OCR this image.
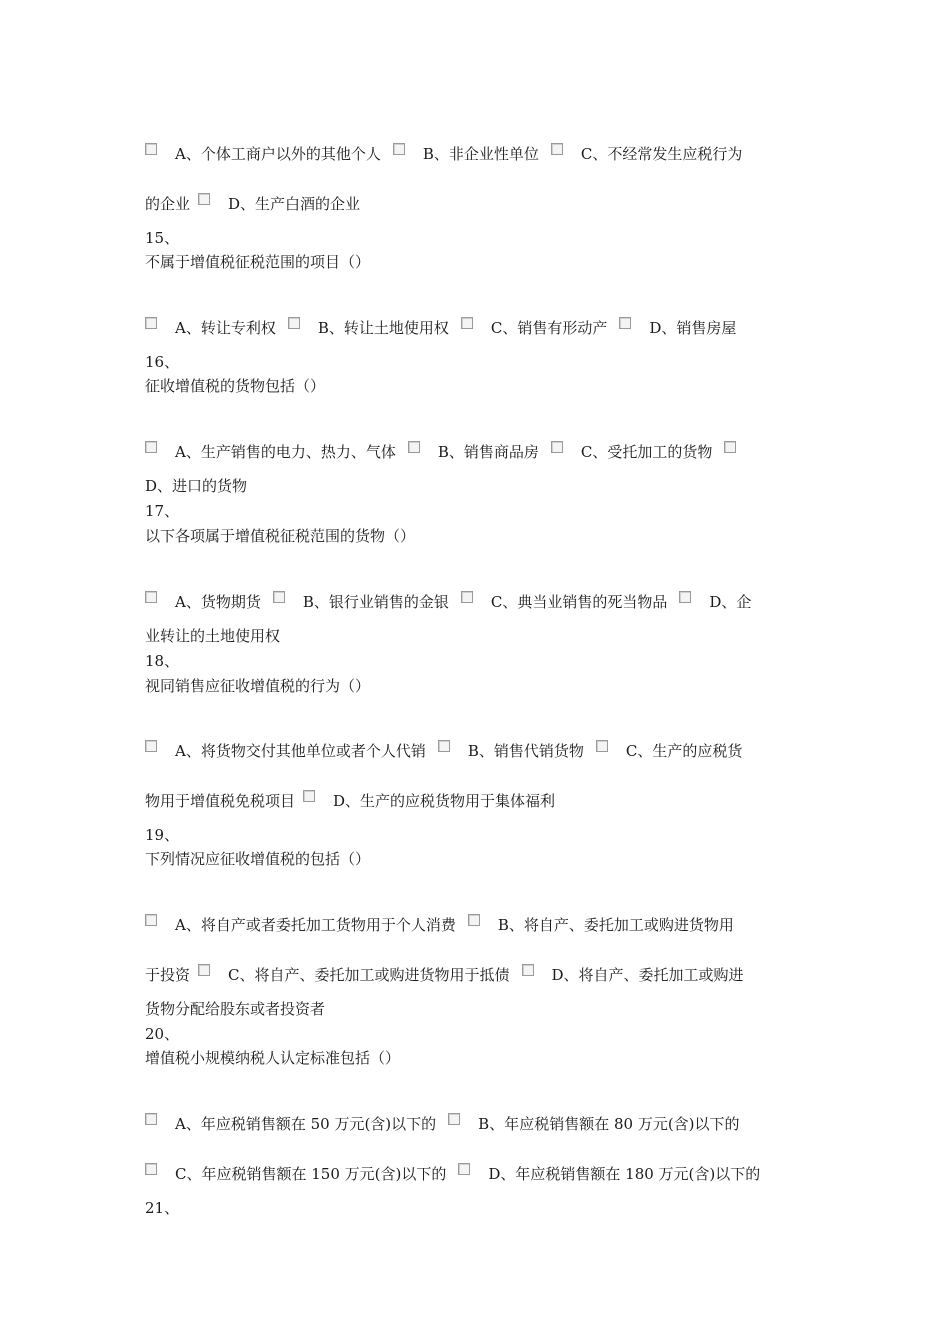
A、个体工商户以外的其他个人	B、非企业性单位	C、不经常发生应税行为
的企业	D、生产白酒的企业
15、
不属于增值税征税范围的项目（）
A、转让专利权	B、转让土地使用权	C、销售有形动产	D、销售房屋
16、
征收增值税的货物包括（）
A、生产销售的电力、热力、气体	B、销售商品房	C、受托加工的货物
D、进口的货物
17、
以下各项属于增值税征税范围的货物（）
A、货物期货	B、银行业销售的金银	C、典当业销售的死当物品	D、企
业转让的土地使用权
18、
视同销售应征收增值税的行为（）
A、将货物交付其他单位或者个人代销	B、销售代销货物	C、生产的应税货
物用于增值税免税项目	D、生产的应税货物用于集体福利
19、
下列情况应征收增值税的包括（）
A、将自产或者委托加工货物用于个人消费	B、将自产、委托加工或购进货物用
于投资	C、将自产、委托加工或购进货物用于抵债	D、将自产、委托加工或购进
货物分配给股东或者投资者
20、
增值税小规模纳税人认定标准包括（）
A、年应税销售额在 50 万元(含)以下的	B、年应税销售额在 80 万元(含)以下的
C、年应税销售额在 150 万元(含)以下的	D、年应税销售额在 180 万元(含)以下的
21、
